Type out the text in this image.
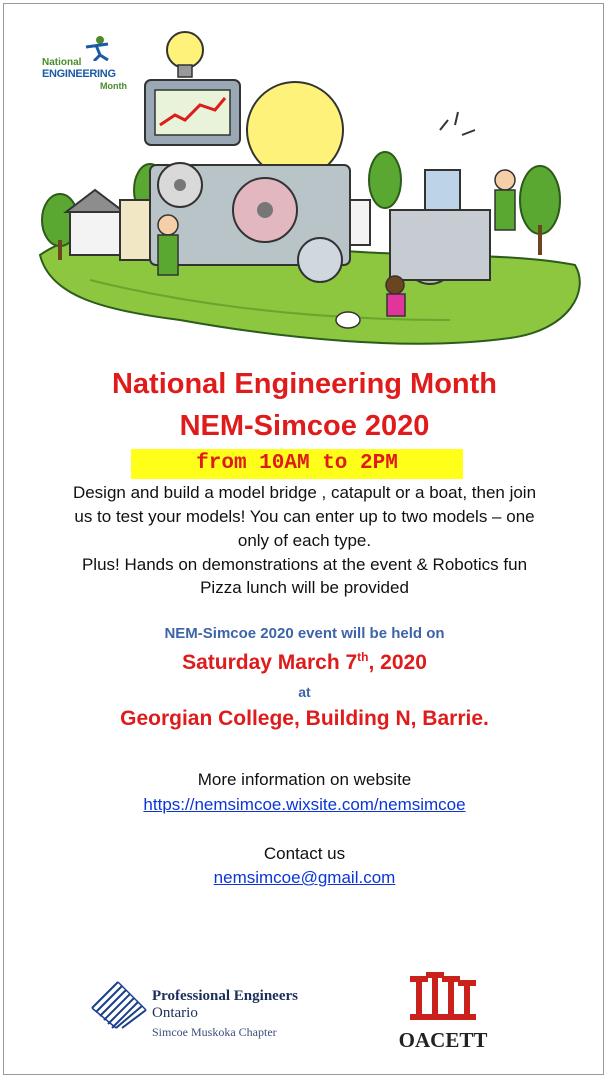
National
ENGINEERING
Month
National Engineering Month
NEM-Simcoe 2020
from 10AM to 2PM
Design and build a model bridge , catapult or a boat, then join
us to test your models! You can enter up to two models – one
only of each type.
Plus! Hands on demonstrations at the event & Robotics fun
Pizza lunch will be provided
NEM-Simcoe 2020 event will be held on
Saturday March 7th, 2020
at
Georgian College, Building N, Barrie.
More information on website
https://nemsimcoe.wixsite.com/nemsimcoe
Contact us
nemsimcoe@gmail.com
Professional Engineers
Ontario
Simcoe Muskoka Chapter	OACETT
